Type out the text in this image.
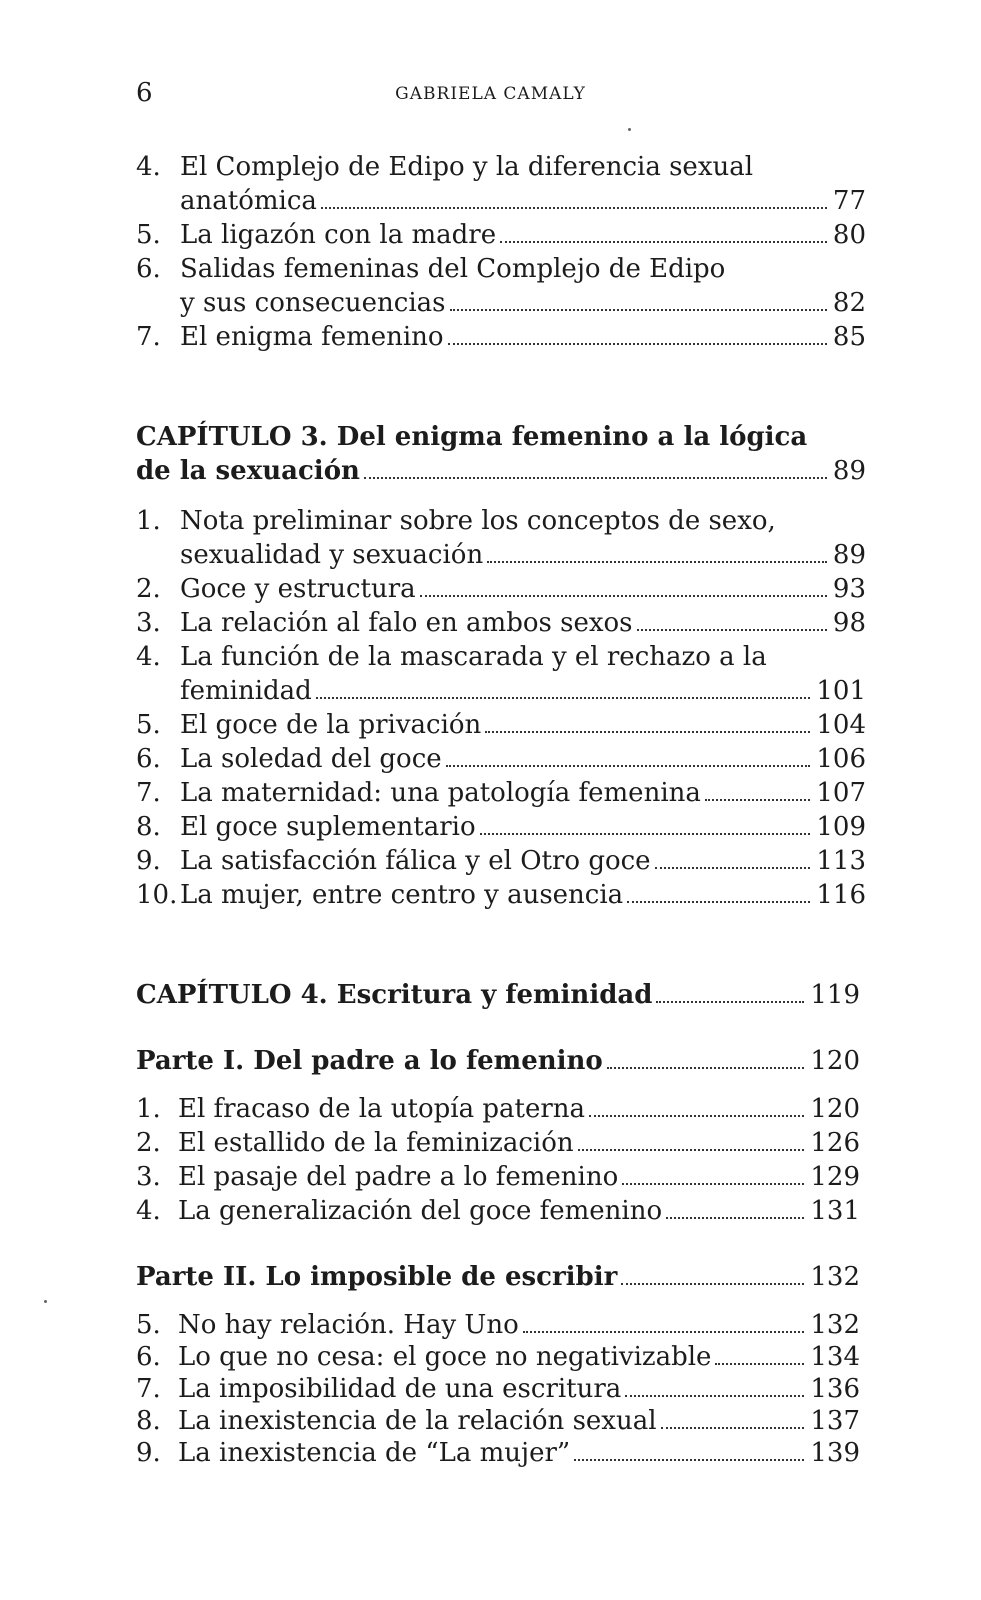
6	GABRIELA CAMALY
4. El Complejo de Edipo y la diferencia sexual
anatómica	77
5. La ligazón con la madre	80
6. Salidas femeninas del Complejo de Edipo
y sus consecuencias	82
7. El enigma femenino	85
CAPÍTULO 3. Del enigma femenino a la lógica
de la sexuación	89
1. Nota preliminar sobre los conceptos de sexo,
sexualidad y sexuación	89
2. Goce y estructura	93
3. La relación al falo en ambos sexos	98
4. La función de la mascarada y el rechazo a la
feminidad	101
5. El goce de la privación	104
6. La soledad del goce	106
7. La maternidad: una patología femenina	107
8. El goce suplementario	109
9. La satisfacción fálica y el Otro goce	113
10. La mujer, entre centro y ausencia	116
CAPÍTULO 4. Escritura y feminidad	119
Parte I. Del padre a lo femenino	120
1. El fracaso de la utopía paterna	120
2. El estallido de la feminización	126
3. El pasaje del padre a lo femenino	129
4. La generalización del goce femenino	131
Parte II. Lo imposible de escribir	132
5. No hay relación. Hay Uno	132
6. Lo que no cesa: el goce no negativizable	134
7. La imposibilidad de una escritura	136
8. La inexistencia de la relación sexual	137
9. La inexistencia de “La mujer”	139
